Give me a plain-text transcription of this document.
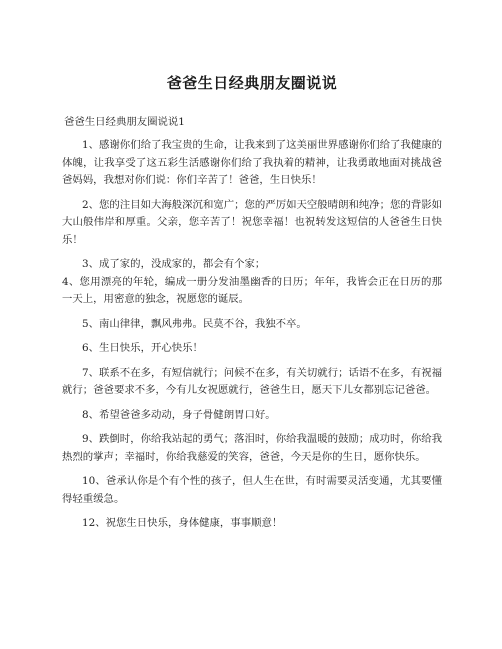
爸爸生日经典朋友圈说说

爸爸生日经典朋友圈说说1

1、感谢你们给了我宝贵的生命，让我来到了这美丽世界感谢你们给了我健康的体魄，让我享受了这五彩生活感谢你们给了我执着的精神，让我勇敢地面对挑战爸爸妈妈，我想对你们说：你们辛苦了！爸爸，生日快乐！

2、您的注目如大海般深沉和宽广；您的严厉如天空般晴朗和纯净；您的背影如大山般伟岸和厚重。父亲，您辛苦了！祝您幸福！也祝转发这短信的人爸爸生日快乐！

3、成了家的，没成家的，都会有个家；

4、您用漂亮的年轮，编成一册分发油墨幽香的日历；年年，我皆会正在日历的那一天上，用密意的独念，祝愿您的诞辰。

5、南山律律，飘风弗弗。民莫不谷，我独不卒。

6、生日快乐，开心快乐！

7、联系不在多，有短信就行；问候不在多，有关切就行；话语不在多，有祝福就行；爸爸要求不多，今有儿女祝愿就行，爸爸生日，愿天下儿女都别忘记爸爸。

8、希望爸爸多动动，身子骨健朗胃口好。

9、跌倒时，你给我站起的勇气；落泪时，你给我温暖的鼓励；成功时，你给我热烈的掌声；幸福时，你给我慈爱的笑容，爸爸，今天是你的生日，愿你快乐。

10、爸承认你是个有个性的孩子，但人生在世，有时需要灵活变通，尤其要懂得轻重缓急。

12、祝您生日快乐，身体健康，事事顺意！
